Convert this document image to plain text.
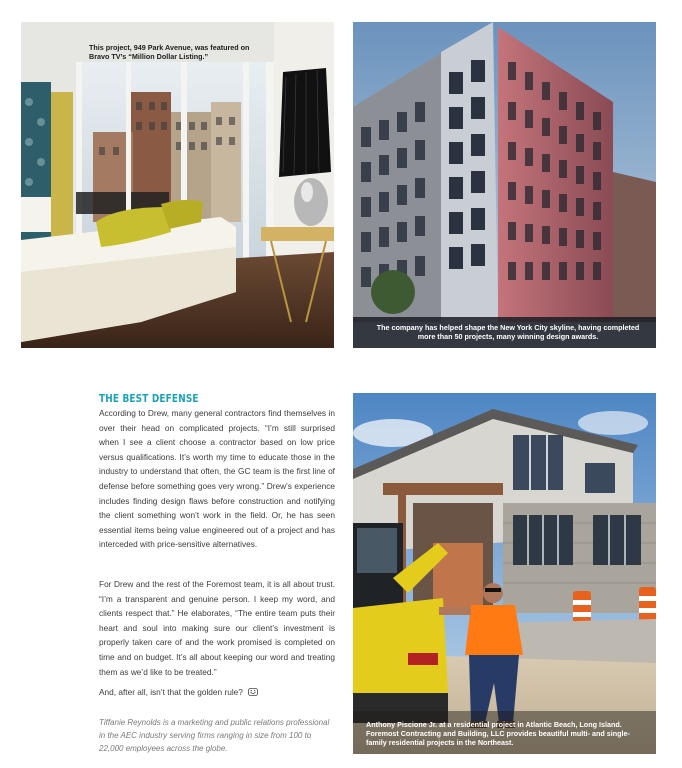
This project, 949 Park Avenue, was featured on Bravo TV’s “Million Dollar Listing.”
The company has helped shape the New York City skyline, having completed more than 50 projects, many winning design awards.
THE BEST DEFENSE

According to Drew, many general contractors find themselves in over their head on complicated projects. “I’m still surprised when I see a client choose a contractor based on low price versus qualifications. It’s worth my time to educate those in the industry to understand that often, the GC team is the first line of defense before something goes very wrong.” Drew’s experience includes finding design flaws before construction and notifying the client something won’t work in the field. Or, he has seen essential items being value engineered out of a project and has interceded with price-sensitive alternatives.

For Drew and the rest of the Foremost team, it is all about trust. “I’m a transparent and genuine person. I keep my word, and clients respect that.” He elaborates, “The entire team puts their heart and soul into making sure our client’s investment is properly taken care of and the work promised is completed on time and on budget. It’s all about keeping our word and treating them as we’d like to be treated.”

And, after all, isn’t that the golden rule?

Tiffanie Reynolds is a marketing and public relations professional in the AEC industry serving firms ranging in size from 100 to 22,000 employees across the globe.

Anthony Piscione Jr. at a residential project in Atlantic Beach, Long Island. Foremost Contracting and Building, LLC provides beautiful multi- and single-family residential projects in the Northeast.
